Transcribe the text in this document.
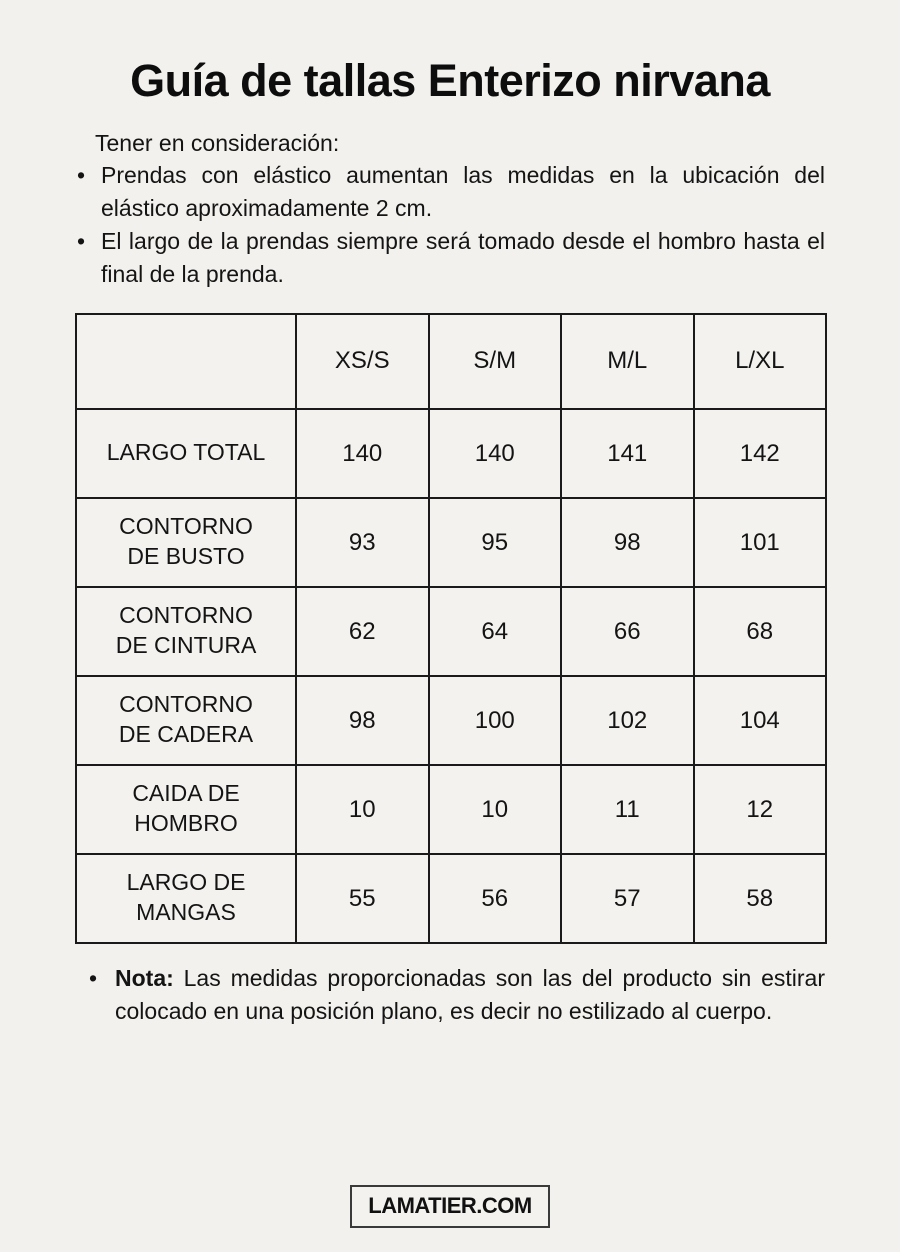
Guía de tallas Enterizo nirvana
Tener en consideración:
• Prendas con elástico aumentan las medidas en la ubicación del elástico aproximadamente 2 cm.
• El largo de la prendas siempre será tomado desde el hombro hasta el final de la prenda.
	XS/S	S/M	M/L	L/XL
LARGO TOTAL	140	140	141	142
CONTORNO DE BUSTO	93	95	98	101
CONTORNO DE CINTURA	62	64	66	68
CONTORNO DE CADERA	98	100	102	104
CAIDA DE HOMBRO	10	10	11	12
LARGO DE MANGAS	55	56	57	58
• Nota: Las medidas proporcionadas son las del producto sin estirar colocado en una posición plano, es decir no estilizado al cuerpo.
LAMATIER.COM
